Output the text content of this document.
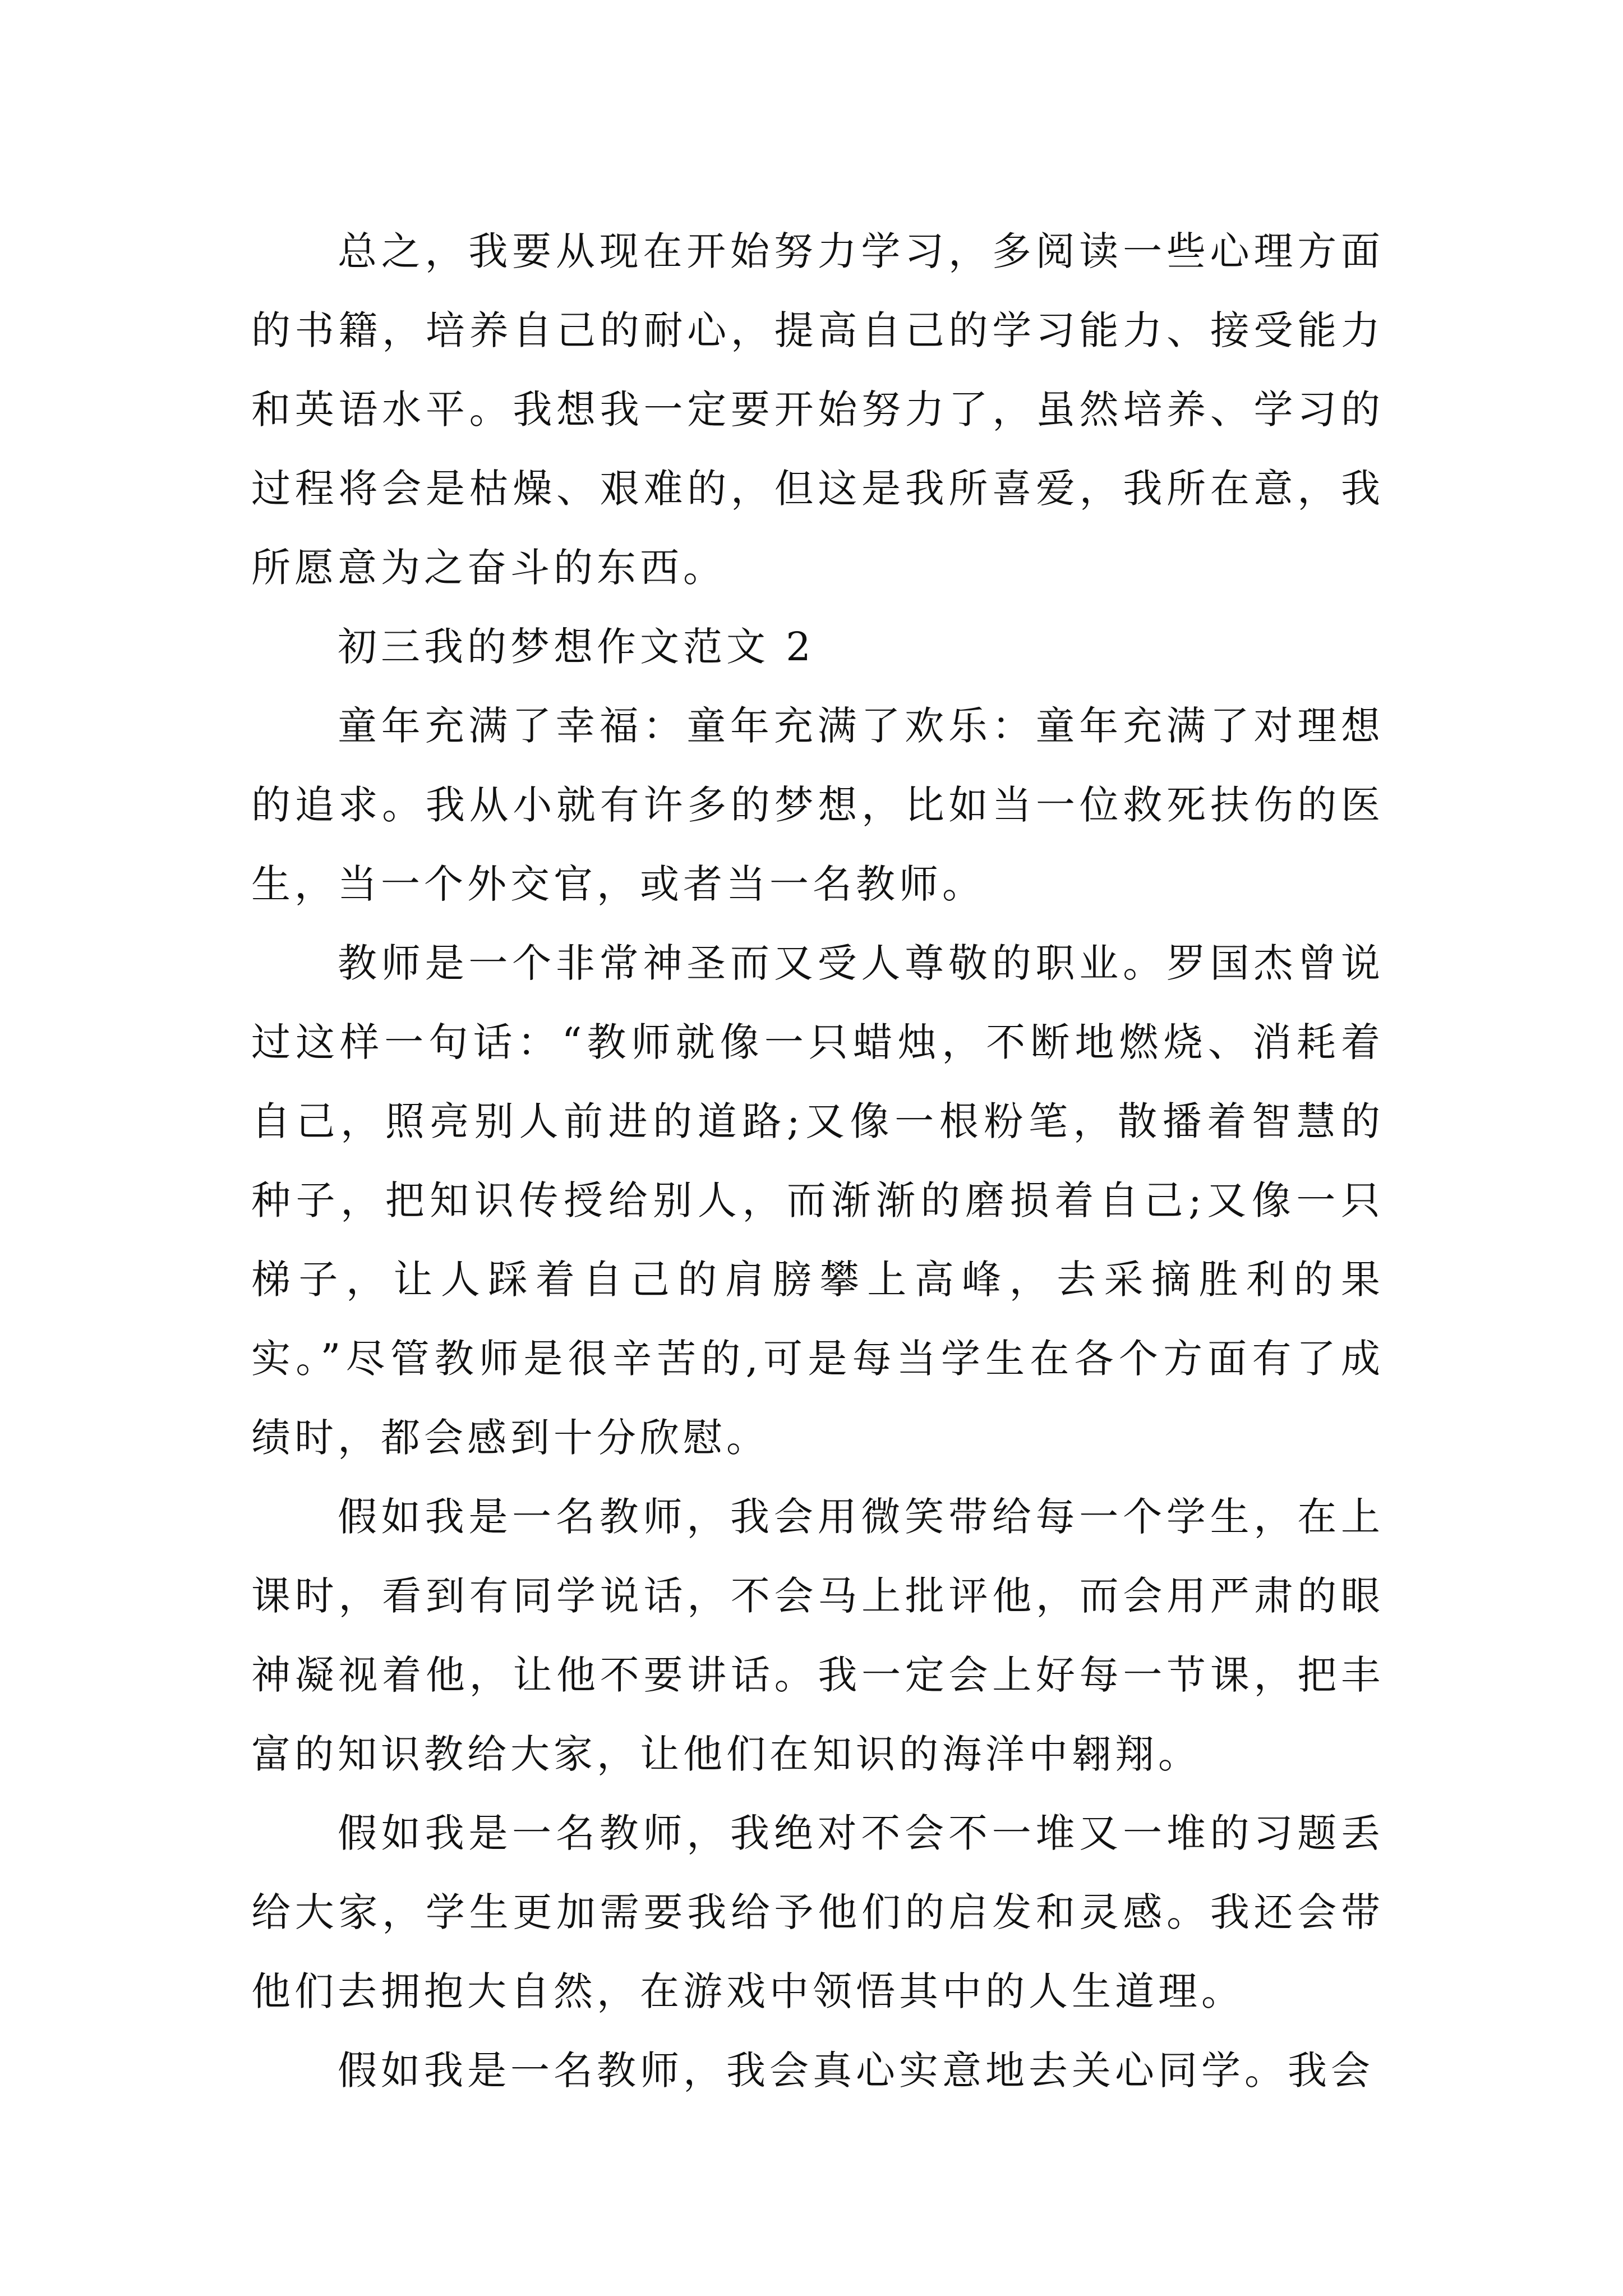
总之，我要从现在开始努力学习，多阅读一些心理方面的书籍，培养自己的耐心，提高自己的学习能力、接受能力和英语水平。我想我一定要开始努力了，虽然培养、学习的过程将会是枯燥、艰难的，但这是我所喜爱，我所在意，我所愿意为之奋斗的东西。

初三我的梦想作文范文 2

童年充满了幸福：童年充满了欢乐：童年充满了对理想的追求。我从小就有许多的梦想，比如当一位救死扶伤的医生，当一个外交官，或者当一名教师。

教师是一个非常神圣而又受人尊敬的职业。罗国杰曾说过这样一句话：“教师就像一只蜡烛，不断地燃烧、消耗着自己，照亮别人前进的道路;又像一根粉笔，散播着智慧的种子，把知识传授给别人，而渐渐的磨损着自己;又像一只梯子，让人踩着自己的肩膀攀上高峰，去采摘胜利的果实。”尽管教师是很辛苦的,可是每当学生在各个方面有了成绩时，都会感到十分欣慰。

假如我是一名教师，我会用微笑带给每一个学生，在上课时，看到有同学说话，不会马上批评他，而会用严肃的眼神凝视着他，让他不要讲话。我一定会上好每一节课，把丰富的知识教给大家，让他们在知识的海洋中翱翔。

假如我是一名教师，我绝对不会不一堆又一堆的习题丢给大家，学生更加需要我给予他们的启发和灵感。我还会带他们去拥抱大自然，在游戏中领悟其中的人生道理。

假如我是一名教师，我会真心实意地去关心同学。我会
